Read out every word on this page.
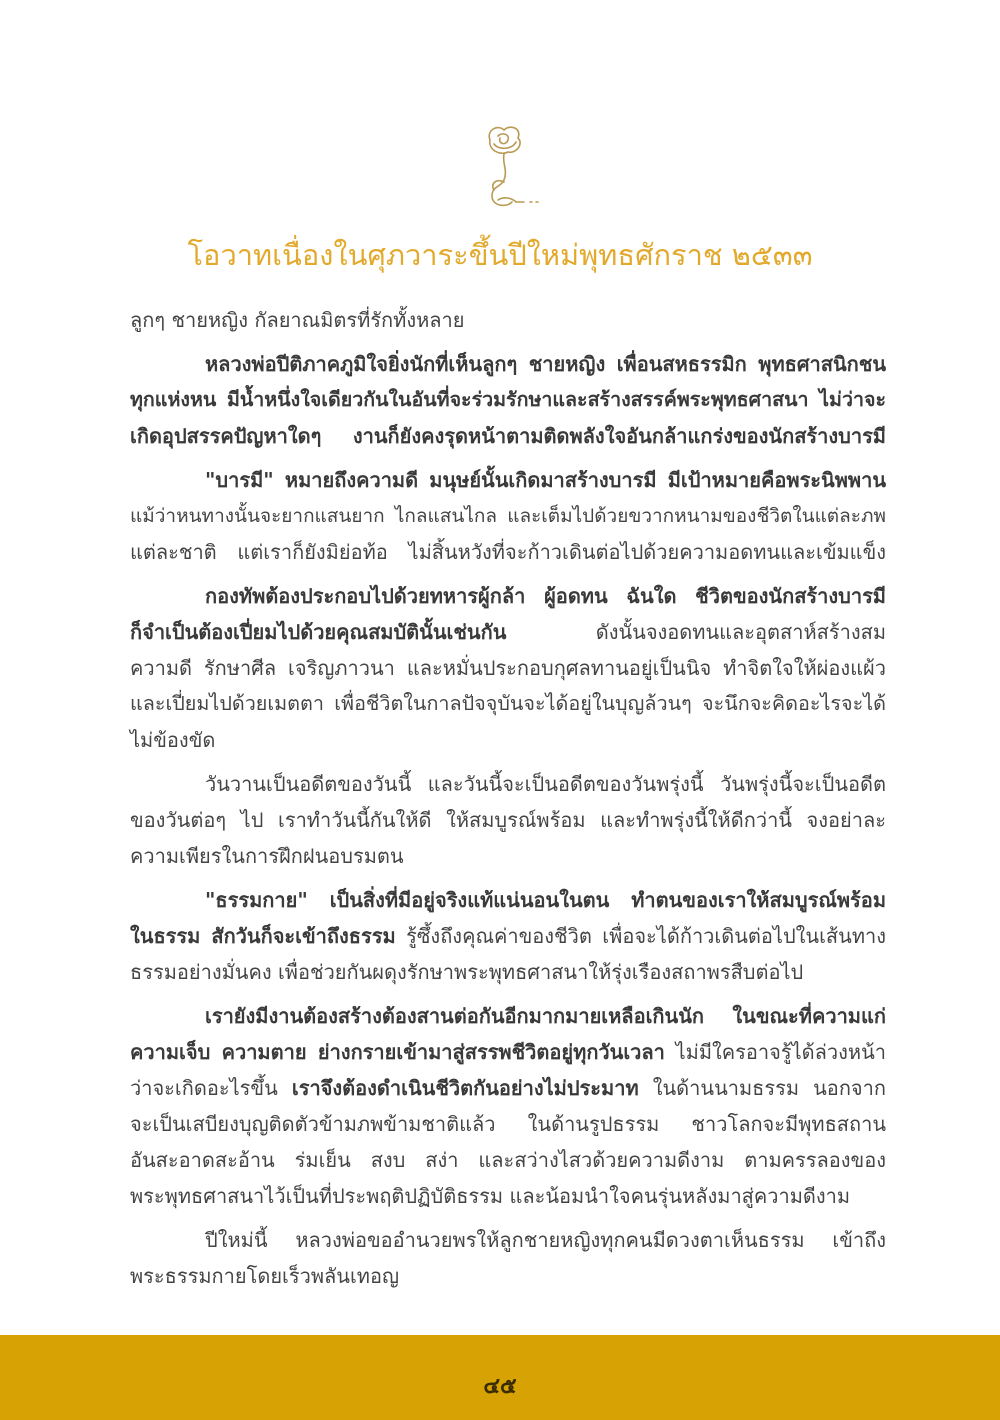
โอวาทเนื่องในศุภวาระขึ้นปีใหม่พุทธศักราช ๒๕๓๓
ลูกๆ ชายหญิง กัลยาณมิตรที่รักทั้งหลาย
หลวงพ่อปีติภาคภูมิใจยิ่งนักที่เห็นลูกๆ ชายหญิง เพื่อนสหธรรมิก พุทธศาสนิกชน
ทุกแห่งหน มีน้ำหนึ่งใจเดียวกันในอันที่จะร่วมรักษาและสร้างสรรค์พระพุทธศาสนา ไม่ว่าจะ
เกิดอุปสรรคปัญหาใดๆ งานก็ยังคงรุดหน้าตามติดพลังใจอันกล้าแกร่งของนักสร้างบารมี
"บารมี" หมายถึงความดี มนุษย์นั้นเกิดมาสร้างบารมี มีเป้าหมายคือพระนิพพาน
แม้ว่าหนทางนั้นจะยากแสนยาก ไกลแสนไกล และเต็มไปด้วยขวากหนามของชีวิตในแต่ละภพ
แต่ละชาติ แต่เราก็ยังมิย่อท้อ ไม่สิ้นหวังที่จะก้าวเดินต่อไปด้วยความอดทนและเข้มแข็ง
กองทัพต้องประกอบไปด้วยทหารผู้กล้า ผู้อดทน ฉันใด ชีวิตของนักสร้างบารมี
ก็จำเป็นต้องเปี่ยมไปด้วยคุณสมบัตินั้นเช่นกัน ดังนั้นจงอดทนและอุตสาห์สร้างสม
ความดี รักษาศีล เจริญภาวนา และหมั่นประกอบกุศลทานอยู่เป็นนิจ ทำจิตใจให้ผ่องแผ้ว
และเปี่ยมไปด้วยเมตตา เพื่อชีวิตในกาลปัจจุบันจะได้อยู่ในบุญล้วนๆ จะนึกจะคิดอะไรจะได้
ไม่ข้องขัด
วันวานเป็นอดีตของวันนี้ และวันนี้จะเป็นอดีตของวันพรุ่งนี้ วันพรุ่งนี้จะเป็นอดีต
ของวันต่อๆ ไป เราทำวันนี้กันให้ดี ให้สมบูรณ์พร้อม และทำพรุ่งนี้ให้ดีกว่านี้ จงอย่าละ
ความเพียรในการฝึกฝนอบรมตน
"ธรรมกาย" เป็นสิ่งที่มีอยู่จริงแท้แน่นอนในตน ทำตนของเราให้สมบูรณ์พร้อม
ในธรรม สักวันก็จะเข้าถึงธรรม รู้ซึ้งถึงคุณค่าของชีวิต เพื่อจะได้ก้าวเดินต่อไปในเส้นทาง
ธรรมอย่างมั่นคง เพื่อช่วยกันผดุงรักษาพระพุทธศาสนาให้รุ่งเรืองสถาพรสืบต่อไป
เรายังมีงานต้องสร้างต้องสานต่อกันอีกมากมายเหลือเกินนัก ในขณะที่ความแก่
ความเจ็บ ความตาย ย่างกรายเข้ามาสู่สรรพชีวิตอยู่ทุกวันเวลา ไม่มีใครอาจรู้ได้ล่วงหน้า
ว่าจะเกิดอะไรขึ้น เราจึงต้องดำเนินชีวิตกันอย่างไม่ประมาท ในด้านนามธรรม นอกจาก
จะเป็นเสบียงบุญติดตัวข้ามภพข้ามชาติแล้ว ในด้านรูปธรรม ชาวโลกจะมีพุทธสถาน
อันสะอาดสะอ้าน ร่มเย็น สงบ สง่า และสว่างไสวด้วยความดีงาม ตามครรลองของ
พระพุทธศาสนาไว้เป็นที่ประพฤติปฏิบัติธรรม และน้อมนำใจคนรุ่นหลังมาสู่ความดีงาม
ปีใหม่นี้ หลวงพ่อขออำนวยพรให้ลูกชายหญิงทุกคนมีดวงตาเห็นธรรม เข้าถึง
พระธรรมกายโดยเร็วพลันเทอญ
๔๕
